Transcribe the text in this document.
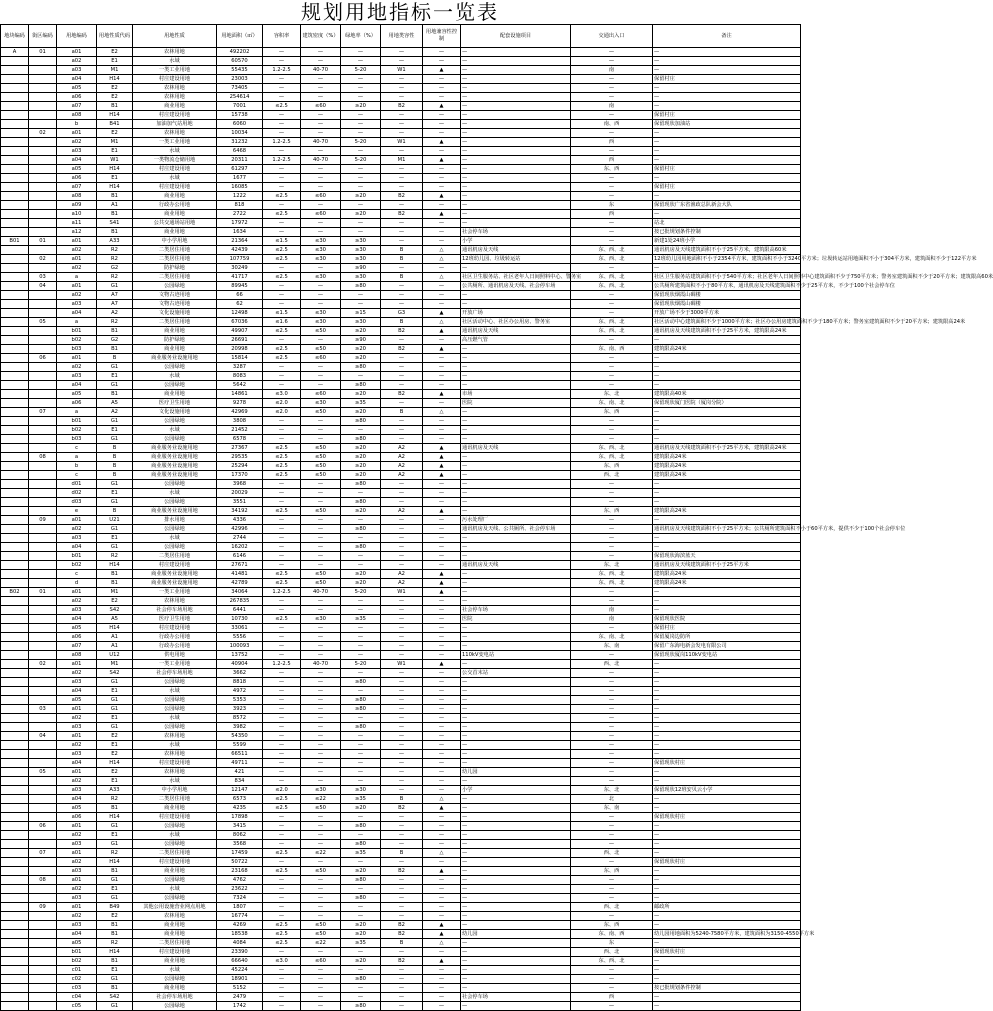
规划用地指标一览表
地块编码	街区编码	用地编码	用地性质代码	用地性质	用地面积（㎡）	容积率	建筑密度（%）	绿地率（%）	用地类容性	用地兼容性控制	配套设施项目	交通出入口	备注
A	01	a01	E2	农林用地	492202	—	—	—	—	—	—	—	—
		a02	E1	水域	60570	—	—	—	—	—	—	—	—
		a03	M1	一类工业用地	55435	1.2-2.5	40-70	5-20	W1	▲	—	南	—
		a04	H14	村庄建设用地	23003	—	—	—	—	—	—	—	保留村庄
		a05	E2	农林用地	73405	—	—	—	—	—	—	—	—
		a06	E2	农林用地	254614	—	—	—	—	—	—	—	—
		a07	B1	商业用地	7001	≤2.5	≤60	≥20	B2	▲	—	南	—
		a08	H14	村庄建设用地	15738	—	—	—	—	—	—	—	保留村庄
		b	B41	加油加气站用地	6060	—	—	—	—	—	—	南、西	保留现状加油站
	02	a01	E2	农林用地	10034	—	—	—	—	—	—	—	—
		a02	M1	一类工业用地	31232	1.2-2.5	40-70	5-20	W1	▲	—	西	—
		a03	E1	水域	6468	—	—	—	—	—	—	—	—
		a04	W1	一类物流仓储用地	20311	1.2-2.5	40-70	5-20	M1	▲	—	西	—
		a05	H14	村庄建设用地	61297	—	—	—	—	—	—	东、西	保留村庄
		a06	E1	水域	1677	—	—	—	—	—	—	—	—
		a07	H14	村庄建设用地	16085	—	—	—	—	—	—	—	保留村庄
		a08	B1	商业用地	1222	≤2.5	≤60	≥20	B2	▲	—	—	—
		a09	A1	行政办公用地	818	—	—	—	—	—	—	东	保留现状广东省渔政总队新会大队
		a10	B1	商业用地	2722	≤2.5	≤60	≥20	B2	▲	—	西	—
		a11	S41	公共交通场站用地	17972	—	—	—	—	—	—	—	站北
		a12	B1	商业用地	1634	—	—	—	—	—	社会停车场	—	按已批规划条件控制
B01	01	a01	A33	中小学用地	21364	≤1.5	≤30	≥30	—	—	小学	—	新建1处24班小学
		a02	R2	二类居住用地	42439	≤2.5	≤30	≥30	B	△	通讯机房及天线	东、西、北	通讯机房及天线建筑面积不小于25平方米，建筑限高60米
	02	a01	R2	二类居住用地	107759	≤2.5	≤30	≥30	B	△	12班幼儿园、垃圾转运站	东、西、北	12班幼儿园用地面积不小于2354平方米，建筑面积不小于3240平方米；垃圾转运站用地面积不小于304平方米，建筑面积不少于122平方米
		a02	G2	防护绿地	30249	—	—	≥90	—	—	—	—	—
	03	a	R2	二类居住用地	41717	≤2.5	≤30	≥30	B	△	社区卫生服务站、社区老年人日间照料中心、警务室	东、西、北	社区卫生服务站建筑面积不小于540平方米；社区老年人日间照料中心建筑面积不少于750平方米；警务室建筑面积不少于20平方米；建筑限高60米
	04	a01	G1	公园绿地	89945	—	—	≥80	—	—	公共厕所、通讯机房及天线、社会停车场	东、西、北	公共厕所建筑面积不小于80平方米，通讯机房及天线建筑面积不少于25平方米，不少于100个社会停车位
		a02	A7	文物古迹用地	66	—	—	—	—	—	—	—	保留现状烟霞山碉楼
		a03	A7	文物古迹用地	62	—	—	—	—	—	—	—	保留现状烟霞山碉楼
		a04	A2	文化设施用地	12498	≤1.5	≤30	≥15	G3	▲	开放广场	—	开放广场不少于3000平方米
	05	a	R2	二类居住用地	67036	≤1.6	≤30	≥30	B	△	社区活动中心、社区办公用房、警务室	东、西、北	社区活动中心建筑面积不少于1000平方米；社区办公用房建筑面积不少于180平方米；警务室建筑面积不少于20平方米；建筑限高24米
		b01	B1	商业用地	49907	≤2.5	≤50	≥20	B2	▲	通讯机房及天线	东、西、北	通讯机房及天线建筑面积不小于25平方米，建筑限高24米
		b02	G2	防护绿地	26691	—	—	≥90	—	—	高压燃气管	—	—
		b03	B1	商业用地	20998	≤2.5	≤50	≥20	B2	▲	—	东、南、西	建筑限高24米
	06	a01	B	商业服务业设施用地	15814	≤2.5	≤60	≥20	—	—	—	—	—
		a02	G1	公园绿地	3287	—	—	≥80	—	—	—	—	—
		a03	E1	水域	8083	—	—	—	—	—	—	—	—
		a04	G1	公园绿地	5642	—	—	≥80	—	—	—	—	—
		a05	B1	商业用地	14861	≤3.0	≤60	≥20	B2	▲	市场	东、北	建筑限高40米
		a06	A5	医疗卫生用地	9278	≤2.0	≤30	≥35	—	—	医院	东、南、北	保留现状厦门医院（厦岗分院）
	07	a	A2	文化设施用地	42969	≤2.0	≤50	≥20	B	△	—	东、西	—
		b01	G1	公园绿地	3808	—	—	≥80	—	—	—	—	—
		b02	E1	水域	21452	—	—	—	—	—	—	—	—
		b03	G1	公园绿地	6578	—	—	≥80	—	—	—	—	—
		c	B	商业服务业设施用地	27367	≤2.5	≤50	≥20	A2	▲	通讯机房及天线	东、西、北	通讯机房及天线建筑面积不小于25平方米，建筑限高24米
	08	a	B	商业服务业设施用地	29535	≤2.5	≤50	≥20	A2	▲	—	东、西、北	建筑限高24米
		b	B	商业服务业设施用地	25294	≤2.5	≤50	≥20	A2	▲	—	东、西	建筑限高24米
		c	B	商业服务业设施用地	17370	≤2.5	≤50	≥20	A2	▲	—	西、北	建筑限高24米
		d01	G1	公园绿地	3968	—	—	≥80	—	—	—	—	—
		d02	E1	水域	20029	—	—	—	—	—	—	—	—
		d03	G1	公园绿地	3551	—	—	≥80	—	—	—	—	—
		e	B	商业服务业设施用地	34192	≤2.5	≤50	≥20	A2	▲	—	东、西	建筑限高24米
	09	a01	U21	排水用地	4336	—	—	—	—	—	污水处理厂	—	—
		a02	G1	公园绿地	42996	—	—	≥80	—	—	通讯机房及天线、公共厕所、社会停车场	—	通讯机房及天线建筑面积不小于25平方米；公共厕所建筑面积不小于60平方米，提供不少于100个社会停车位
		a03	E1	水域	2744	—	—	—	—	—	—	—	—
		a04	G1	公园绿地	16202	—	—	≥80	—	—	—	—	—
		b01	R2	二类居住用地	6146	—	—	—	—	—	—	—	保留现状海滨蓝天
		b02	H14	村庄建设用地	27671	—	—	—	—	—	通讯机房及天线	东、北	通讯机房及天线建筑面积不小于25平方米
		c	B1	商业服务业设施用地	41481	≤2.5	≤50	≥20	A2	▲	—	东、西、北	建筑限高24米
		d	B1	商业服务业设施用地	42789	≤2.5	≤50	≥20	A2	▲	—	东、西、北	建筑限高24米
B02	01	a01	M1	一类工业用地	34064	1.2-2.5	40-70	5-20	W1	▲	—	—	—
		a02	E2	农林用地	267835	—	—	—	—	—	—	—	—
		a03	S42	社会停车场用地	6441	—	—	—	—	—	社会停车场	南	—
		a04	A5	医疗卫生用地	10730	≤2.5	≤30	≥35	—	—	医院	南	保留现状医院
		a05	H14	村庄建设用地	33061	—	—	—	—	—	—	—	保留村庄
		a06	A1	行政办公用地	5556	—	—	—	—	—	—	东、南、北	保留厦岗边防所
		a07	A1	行政办公用地	100093	—	—	—	—	—	—	东、南	保留广东海电新会发电有限公司
		a08	U12	供电用地	13752	—	—	—	—	—	110kV变电站	—	保留现状厦岗110kV变电站
	02	a01	M1	一类工业用地	40904	1.2-2.5	40-70	5-20	W1	▲	—	西、北	—
		a02	S42	社会停车场用地	3662	—	—	—	—	—	公交首末站	—	—
		a03	G1	公园绿地	8818	—	—	≥80	—	—	—	—	—
		a04	E1	水域	4972	—	—	—	—	—	—	—	—
		a05	G1	公园绿地	5353	—	—	≥80	—	—	—	—	—
	03	a01	G1	公园绿地	3923	—	—	≥80	—	—	—	—	—
		a02	E1	水域	8572	—	—	—	—	—	—	—	—
		a03	G1	公园绿地	3982	—	—	≥80	—	—	—	—	—
	04	a01	E2	农林用地	54350	—	—	—	—	—	—	—	—
		a02	E1	水域	5599	—	—	—	—	—	—	—	—
		a03	E2	农林用地	66511	—	—	—	—	—	—	—	—
		a04	H14	村庄建设用地	49711	—	—	—	—	—	—	—	保留现状村庄
	05	a01	E2	农林用地	421	—	—	—	—	—	幼儿园	—	—
		a02	E1	水域	834	—	—	—	—	—	—	—	—
		a03	A33	中小学用地	12147	≤2.0	≤30	≥30	—	—	小学	东、北	保留现状12班安贝云小学
		a04	R2	二类居住用地	6573	≤2.5	≤22	≥35	B	△	—	北	—
		a05	B1	商业用地	4235	≤2.5	≤50	≥20	B2	▲	—	东、南	—
		a06	H14	村庄建设用地	17898	—	—	—	—	—	—	—	保留现状村庄
	06	a01	G1	公园绿地	3415	—	—	≥80	—	—	—	—	—
		a02	E1	水域	8062	—	—	—	—	—	—	—	—
		a03	G1	公园绿地	3568	—	—	≥80	—	—	—	—	—
	07	a01	R2	二类居住用地	17459	≤2.5	≤22	≥35	B	△	—	西、北	—
		a02	H14	村庄建设用地	50722	—	—	—	—	—	—	—	保留现状村庄
		a03	B1	商业用地	23168	≤2.5	≤50	≥20	B2	▲	—	东、西	—
	08	a01	G1	公园绿地	4762	—	—	≥80	—	—	—	—	—
		a02	E1	水域	23622	—	—	—	—	—	—	—	—
		a03	G1	公园绿地	7324	—	—	≥80	—	—	—	—	—
	09	a01	B49	其他公用设施营业网点用地	1807	—	—	—	—	—	—	西、北	邮政所
		a02	E2	农林用地	16774	—	—	—	—	—	—	—	—
		a03	B1	商业用地	4269	≤2.5	≤50	≥20	B2	▲	—	东、西	—
		a04	B1	商业用地	18538	≤2.5	≤50	≥20	B2	▲	幼儿园	东、南、西	幼儿园用地面积为5240-7580平方米，建筑面积为3150-4550平方米
		a05	R2	二类居住用地	4084	≤2.5	≤22	≥35	B	△	—	东	—
		b01	H14	村庄建设用地	23390	—	—	—	—	—	—	西、北	保留现状村庄
		b02	B1	商业用地	66640	≤3.0	≤60	≥20	B2	▲	—	东、西、北	—
		c01	E1	水域	45224	—	—	—	—	—	—	—	—
		c02	G1	公园绿地	18901	—	—	≥80	—	—	—	—	—
		c03	B1	商业用地	5152	—	—	—	—	—	—	—	按已批规划条件控制
		c04	S42	社会停车场用地	2479	—	—	—	—	—	社会停车场	西	—
		c05	G1	公园绿地	1742	—	—	≥80	—	—	—	—	—
